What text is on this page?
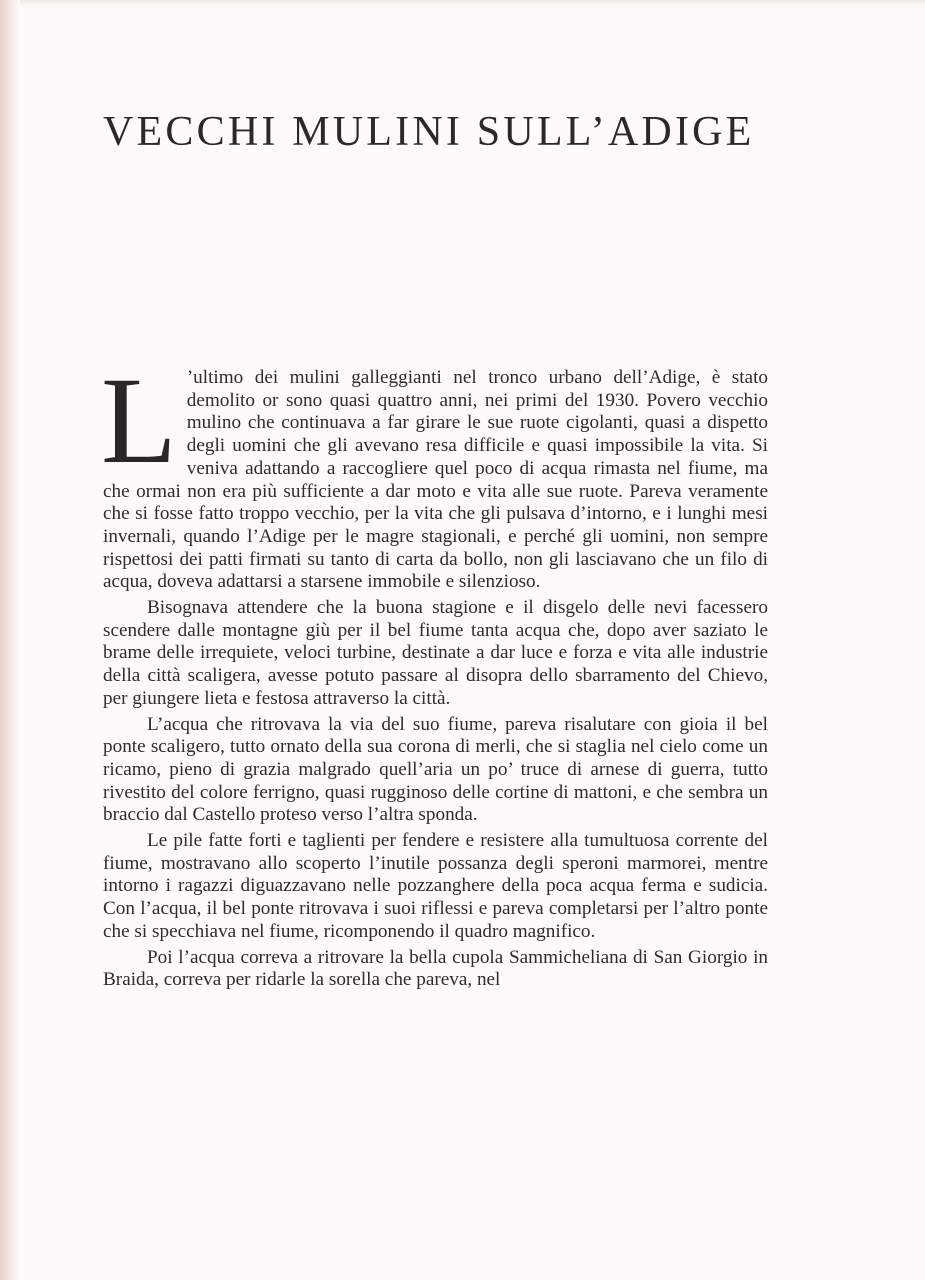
VECCHI MULINI SULL’ADIGE

L ’ultimo dei mulini galleggianti nel tronco urbano dell’Adige, è stato demolito or sono quasi quattro anni, nei primi del 1930. Povero vecchio mulino che continuava a far girare le sue ruote cigolanti, quasi a dispetto degli uomini che gli avevano resa difficile e quasi impossibile la vita. Si veniva adattando a raccogliere quel poco di acqua rimasta nel fiume, ma che ormai non era più sufficiente a dar moto e vita alle sue ruote. Pareva veramente che si fosse fatto troppo vecchio, per la vita che gli pulsava d’intorno, e i lunghi mesi invernali, quando l’Adige per le magre stagionali, e perché gli uomini, non sempre rispettosi dei patti firmati su tanto di carta da bollo, non gli lasciavano che un filo di acqua, doveva adattarsi a starsene immobile e silenzioso.

Bisognava attendere che la buona stagione e il disgelo delle nevi facessero scendere dalle montagne giù per il bel fiume tanta acqua che, dopo aver saziato le brame delle irrequiete, veloci turbine, destinate a dar luce e forza e vita alle industrie della città scaligera, avesse potuto passare al disopra dello sbarramento del Chievo, per giungere lieta e festosa attraverso la città.

L’acqua che ritrovava la via del suo fiume, pareva risalutare con gioia il bel ponte scaligero, tutto ornato della sua corona di merli, che si staglia nel cielo come un ricamo, pieno di grazia malgrado quell’aria un po’ truce di arnese di guerra, tutto rivestito del colore ferrigno, quasi rugginoso delle cortine di mattoni, e che sembra un braccio dal Castello proteso verso l’altra sponda.

Le pile fatte forti e taglienti per fendere e resistere alla tumultuosa corrente del fiume, mostravano allo scoperto l’inutile possanza degli speroni marmorei, mentre intorno i ragazzi diguazzavano nelle pozzanghere della poca acqua ferma e sudicia. Con l’acqua, il bel ponte ritrovava i suoi riflessi e pareva completarsi per l’altro ponte che si specchiava nel fiume, ricomponendo il quadro magnifico.

Poi l’acqua correva a ritrovare la bella cupola Sammicheliana di San Giorgio in Braida, correva per ridarle la sorella che pareva, nel
